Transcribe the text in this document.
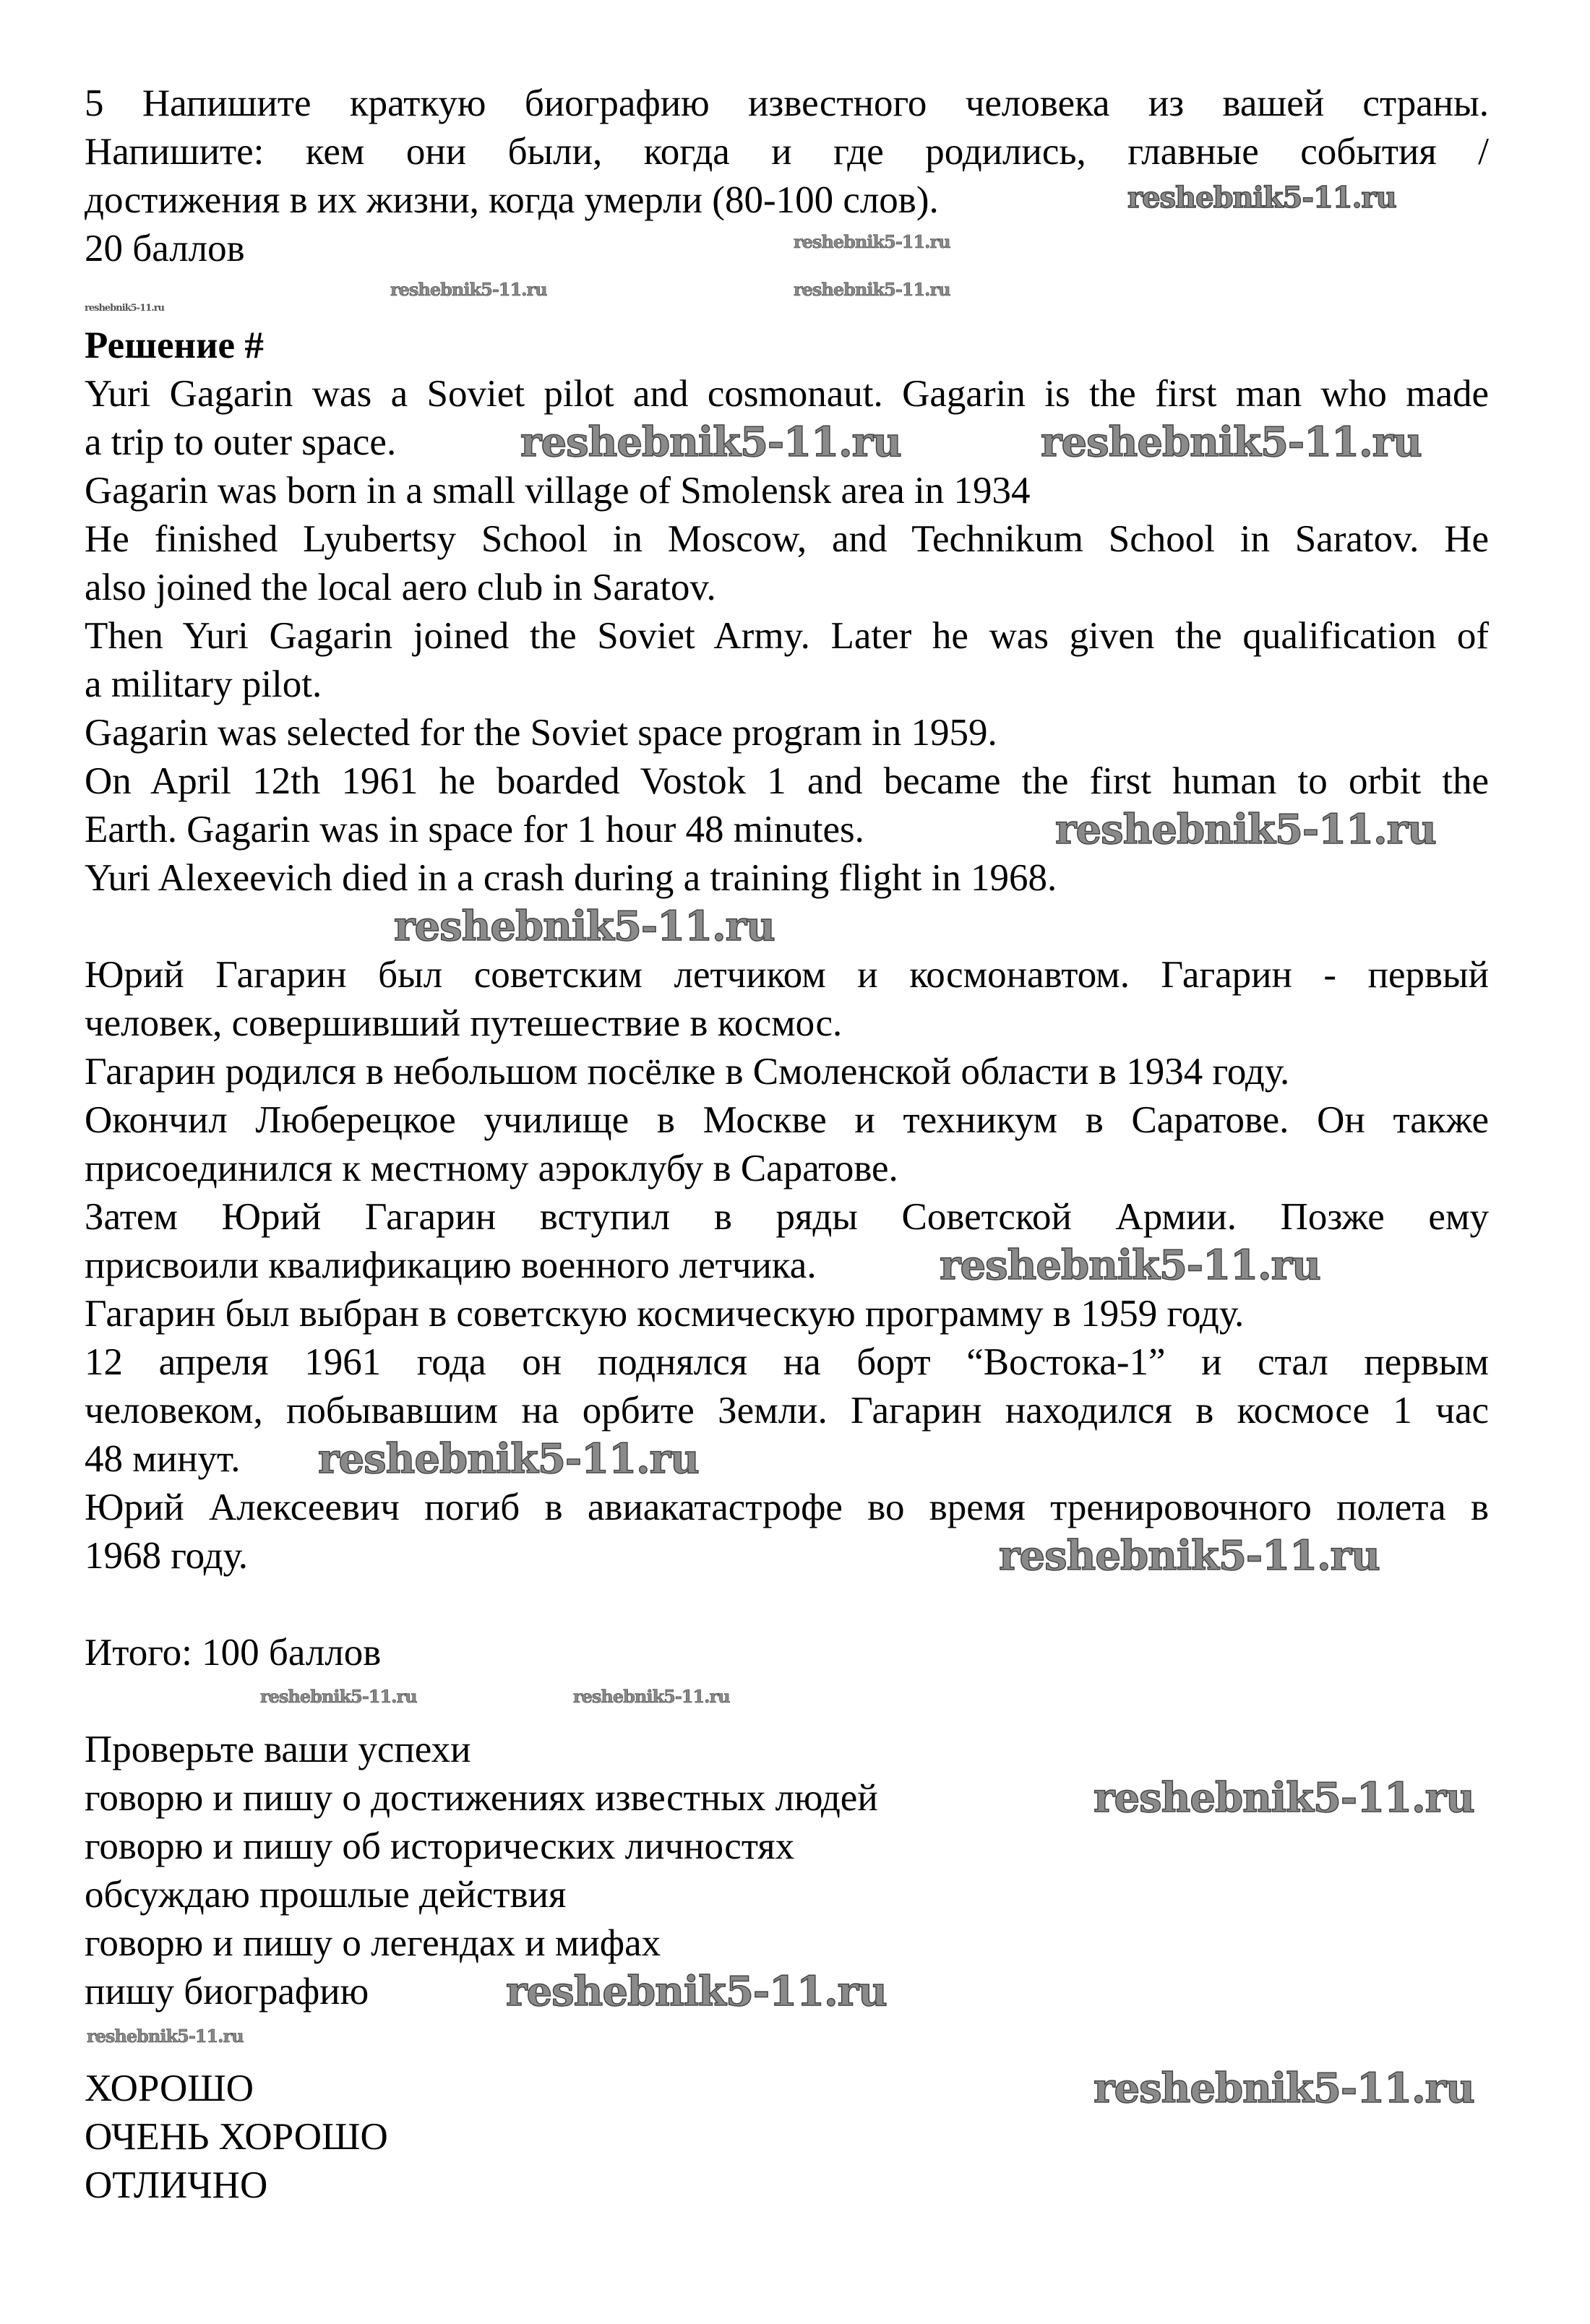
5 Напишите краткую биографию известного человека из вашей страны.
Напишите: кем они были, когда и где родились, главные события /
достижения в их жизни, когда умерли (80-100 слов).
20 баллов
Решение #
Yuri Gagarin was a Soviet pilot and cosmonaut. Gagarin is the first man who made
a trip to outer space.
Gagarin was born in a small village of Smolensk area in 1934
He finished Lyubertsy School in Moscow, and Technikum School in Saratov. He
also joined the local aero club in Saratov.
Then Yuri Gagarin joined the Soviet Army. Later he was given the qualification of
a military pilot.
Gagarin was selected for the Soviet space program in 1959.
On April 12th 1961 he boarded Vostok 1 and became the first human to orbit the
Earth. Gagarin was in space for 1 hour 48 minutes.
Yuri Alexeevich died in a crash during a training flight in 1968.
Юрий Гагарин был советским летчиком и космонавтом. Гагарин - первый
человек, совершивший путешествие в космос.
Гагарин родился в небольшом посёлке в Смоленской области в 1934 году.
Окончил Люберецкое училище в Москве и техникум в Саратове. Он также
присоединился к местному аэроклубу в Саратове.
Затем Юрий Гагарин вступил в ряды Советской Армии. Позже ему
присвоили квалификацию военного летчика.
Гагарин был выбран в советскую космическую программу в 1959 году.
12 апреля 1961 года он поднялся на борт “Востока-1” и стал первым
человеком, побывавшим на орбите Земли. Гагарин находился в космосе 1 час
48 минут.
Юрий Алексеевич погиб в авиакатастрофе во время тренировочного полета в
1968 году.
Итого: 100 баллов
Проверьте ваши успехи
говорю и пишу о достижениях известных людей
говорю и пишу об исторических личностях
обсуждаю прошлые действия
говорю и пишу о легендах и мифах
пишу биографию
ХОРОШО
ОЧЕНЬ ХОРОШО
ОТЛИЧНО
reshebnik5-11.ru
reshebnik5-11.ru	reshebnik5-11.ru
reshebnik5-11.ru
reshebnik5-11.ru
reshebnik5-11.ru	reshebnik5-11.ru
reshebnik5-11.ru
reshebnik5-11.ru
reshebnik5-11.ru
reshebnik5-11.ru
reshebnik5-11.ru
reshebnik5-11.ru	reshebnik5-11.ru
reshebnik5-11.ru
reshebnik5-11.ru
reshebnik5-11.ru
reshebnik5-11.ru
